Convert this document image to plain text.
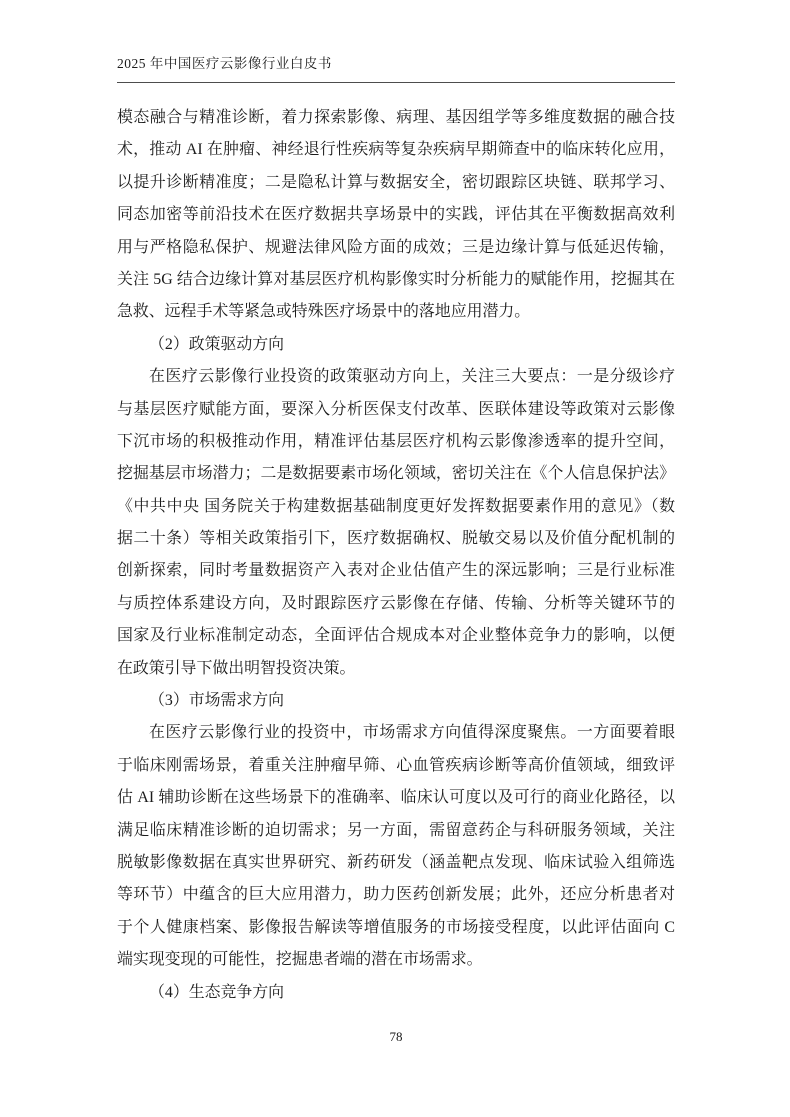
2025 年中国医疗云影像行业白皮书
模态融合与精准诊断，着力探索影像、病理、基因组学等多维度数据的融合技
术，推动 AI 在肿瘤、神经退行性疾病等复杂疾病早期筛查中的临床转化应用，
以提升诊断精准度；二是隐私计算与数据安全，密切跟踪区块链、联邦学习、
同态加密等前沿技术在医疗数据共享场景中的实践，评估其在平衡数据高效利
用与严格隐私保护、规避法律风险方面的成效；三是边缘计算与低延迟传输，
关注 5G 结合边缘计算对基层医疗机构影像实时分析能力的赋能作用，挖掘其在
急救、远程手术等紧急或特殊医疗场景中的落地应用潜力。
（2）政策驱动方向
在医疗云影像行业投资的政策驱动方向上，关注三大要点：一是分级诊疗
与基层医疗赋能方面，要深入分析医保支付改革、医联体建设等政策对云影像
下沉市场的积极推动作用，精准评估基层医疗机构云影像渗透率的提升空间，
挖掘基层市场潜力；二是数据要素市场化领域，密切关注在《个人信息保护法》
《中共中央 国务院关于构建数据基础制度更好发挥数据要素作用的意见》（数
据二十条）等相关政策指引下，医疗数据确权、脱敏交易以及价值分配机制的
创新探索，同时考量数据资产入表对企业估值产生的深远影响；三是行业标准
与质控体系建设方向，及时跟踪医疗云影像在存储、传输、分析等关键环节的
国家及行业标准制定动态，全面评估合规成本对企业整体竞争力的影响，以便
在政策引导下做出明智投资决策。
（3）市场需求方向
在医疗云影像行业的投资中，市场需求方向值得深度聚焦。一方面要着眼
于临床刚需场景，着重关注肿瘤早筛、心血管疾病诊断等高价值领域，细致评
估 AI 辅助诊断在这些场景下的准确率、临床认可度以及可行的商业化路径，以
满足临床精准诊断的迫切需求；另一方面，需留意药企与科研服务领域，关注
脱敏影像数据在真实世界研究、新药研发（涵盖靶点发现、临床试验入组筛选
等环节）中蕴含的巨大应用潜力，助力医药创新发展；此外，还应分析患者对
于个人健康档案、影像报告解读等增值服务的市场接受程度，以此评估面向 C
端实现变现的可能性，挖掘患者端的潜在市场需求。
（4）生态竞争方向
78
